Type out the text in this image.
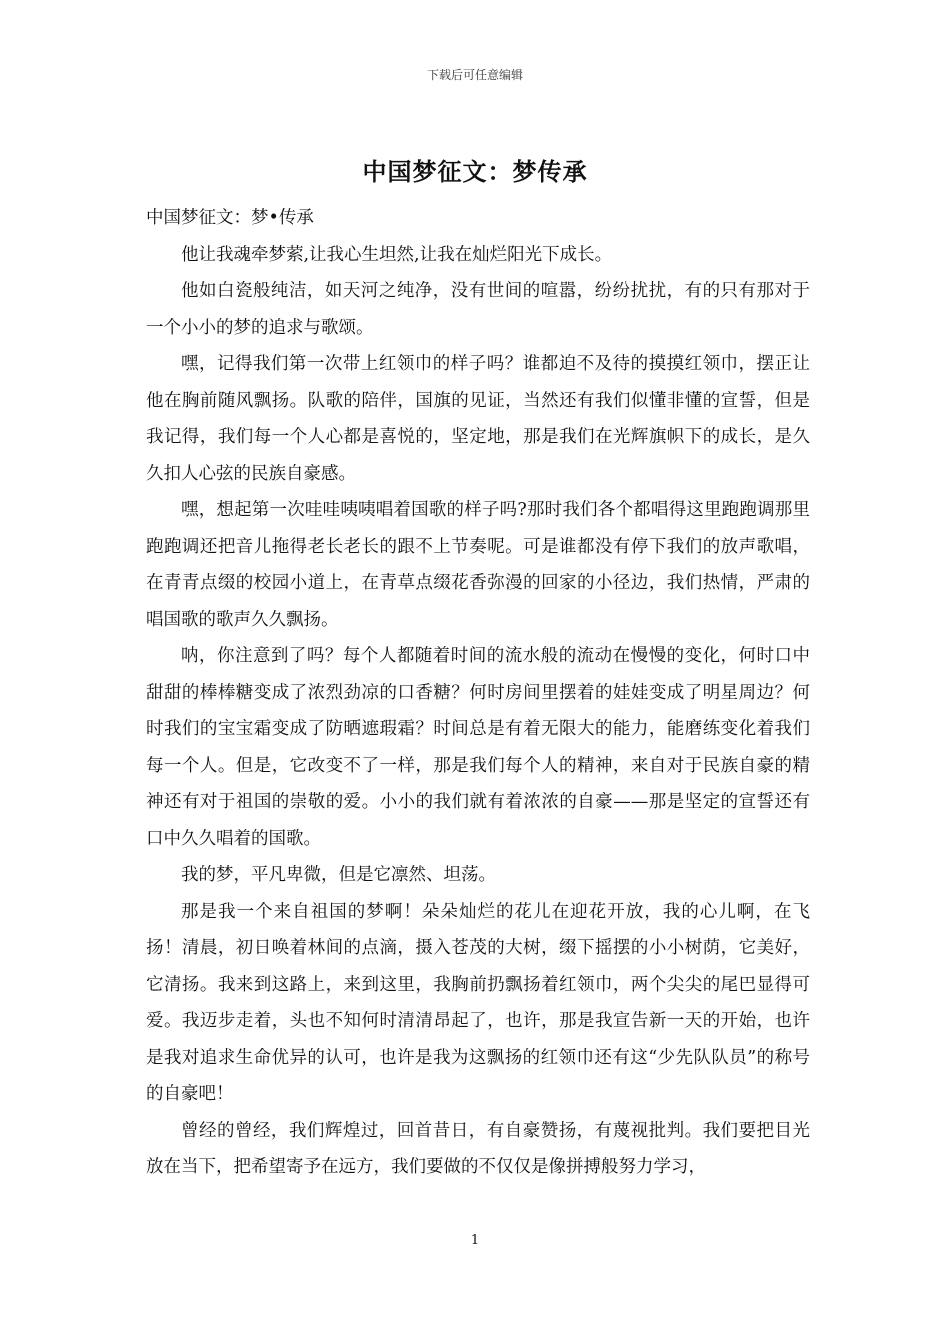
下载后可任意编辑
中国梦征文：梦传承

中国梦征文：梦•传承

他让我魂牵梦萦,让我心生坦然,让我在灿烂阳光下成长。

他如白瓷般纯洁，如天河之纯净，没有世间的喧嚣，纷纷扰扰，有的只有那对于一个小小的梦的追求与歌颂。

嘿，记得我们第一次带上红领巾的样子吗？谁都迫不及待的摸摸红领巾，摆正让他在胸前随风飘扬。队歌的陪伴，国旗的见证，当然还有我们似懂非懂的宣誓，但是我记得，我们每一个人心都是喜悦的，坚定地，那是我们在光辉旗帜下的成长，是久久扣人心弦的民族自豪感。

嘿，想起第一次哇哇咦咦唱着国歌的样子吗?那时我们各个都唱得这里跑跑调那里跑跑调还把音儿拖得老长老长的跟不上节奏呢。可是谁都没有停下我们的放声歌唱，在青青点缀的校园小道上，在青草点缀花香弥漫的回家的小径边，我们热情，严肃的唱国歌的歌声久久飘扬。

呐，你注意到了吗？每个人都随着时间的流水般的流动在慢慢的变化，何时口中甜甜的棒棒糖变成了浓烈劲凉的口香糖？何时房间里摆着的娃娃变成了明星周边？何时我们的宝宝霜变成了防晒遮瑕霜？时间总是有着无限大的能力，能磨练变化着我们每一个人。但是，它改变不了一样，那是我们每个人的精神，来自对于民族自豪的精神还有对于祖国的崇敬的爱。小小的我们就有着浓浓的自豪——那是坚定的宣誓还有口中久久唱着的国歌。

我的梦，平凡卑微，但是它凛然、坦荡。

那是我一个来自祖国的梦啊！朵朵灿烂的花儿在迎花开放，我的心儿啊，在飞扬！清晨，初日唤着林间的点滴，摄入苍茂的大树，缀下摇摆的小小树荫，它美好，它清扬。我来到这路上，来到这里，我胸前扔飘扬着红领巾，两个尖尖的尾巴显得可爱。我迈步走着，头也不知何时清清昂起了，也许，那是我宣告新一天的开始，也许是我对追求生命优异的认可，也许是我为这飘扬的红领巾还有这“少先队队员”的称号的自豪吧！

曾经的曾经，我们辉煌过，回首昔日，有自豪赞扬，有蔑视批判。我们要把目光放在当下，把希望寄予在远方，我们要做的不仅仅是像拼搏般努力学习，

1
